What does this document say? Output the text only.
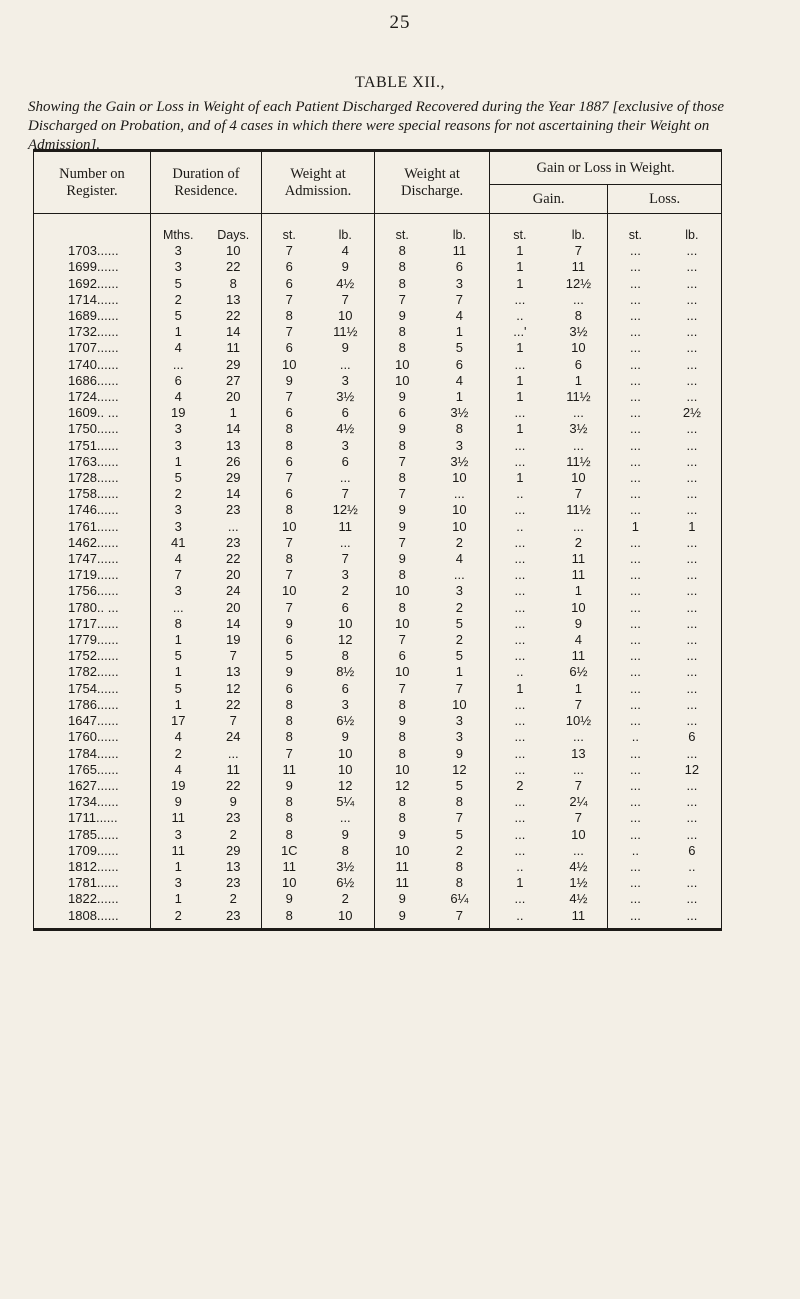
25
TABLE XII.,
Showing the Gain or Loss in Weight of each Patient Discharged Recovered during the Year 1887 [exclusive of those Discharged on Probation, and of 4 cases in which there were special reasons for not ascertaining their Weight on Admission].
Number on Register.	Duration of Residence.		Weight at Admission.		Weight at Discharge.		Gain or Loss in Weight.			
							Gain.		Loss.	
	Mths.	Days.	st.	lb.	st.	lb.	st.	lb.	st.	lb.
1703......	3	10	7	4	8	11	1	7	...	...
1699......	3	22	6	9	8	6	1	11	...	...
1692......	5	8	6	4½	8	3	1	12½	...	...
1714......	2	13	7	7	7	7	...	...	...	...
1689......	5	22	8	10	9	4	..	8	...	...
1732......	1	14	7	11½	8	1	...'	3½	...	...
1707......	4	11	6	9	8	5	1	10	...	...
1740......	...	29	10	...	10	6	...	6	...	...
1686......	6	27	9	3	10	4	1	1	...	...
1724......	4	20	7	3½	9	1	1	11½	...	...
1609.. ...	19	1	6	6	6	3½	...	...	...	2½
1750......	3	14	8	4½	9	8	1	3½	...	...
1751......	3	13	8	3	8	3	...	...	...	...
1763......	1	26	6	6	7	3½	...	11½	...	...
1728......	5	29	7	...	8	10	1	10	...	...
1758......	2	14	6	7	7	...	..	7	...	...
1746......	3	23	8	12½	9	10	...	11½	...	...
1761......	3	...	10	11	9	10	..	...	1	1
1462......	41	23	7	...	7	2	...	2	...	...
1747......	4	22	8	7	9	4	...	11	...	...
1719......	7	20	7	3	8	...	...	11	...	...
1756......	3	24	10	2	10	3	...	1	...	...
1780.. ...	...	20	7	6	8	2	...	10	...	...
1717......	8	14	9	10	10	5	...	9	...	...
1779......	1	19	6	12	7	2	...	4	...	...
1752......	5	7	5	8	6	5	...	11	...	...
1782......	1	13	9	8½	10	1	..	6½	...	...
1754......	5	12	6	6	7	7	1	1	...	...
1786......	1	22	8	3	8	10	...	7	...	...
1647......	17	7	8	6½	9	3	...	10½	...	...
1760......	4	24	8	9	8	3	...	...	..	6
1784......	2	...	7	10	8	9	...	13	...	...
1765......	4	11	11	10	10	12	...	...	...	12
1627......	19	22	9	12	12	5	2	7	...	...
1734......	9	9	8	5¼	8	8	...	2¼	...	...
1711......	11	23	8	...	8	7	...	7	...	...
1785......	3	2	8	9	9	5	...	10	...	...
1709......	11	29	1C	8	10	2	...	...	..	6
1812......	1	13	11	3½	11	8	..	4½	...	..
1781......	3	23	10	6½	11	8	1	1½	...	...
1822......	1	2	9	2	9	6¼	...	4½	...	...
1808......	2	23	8	10	9	7	..	11	...	...
